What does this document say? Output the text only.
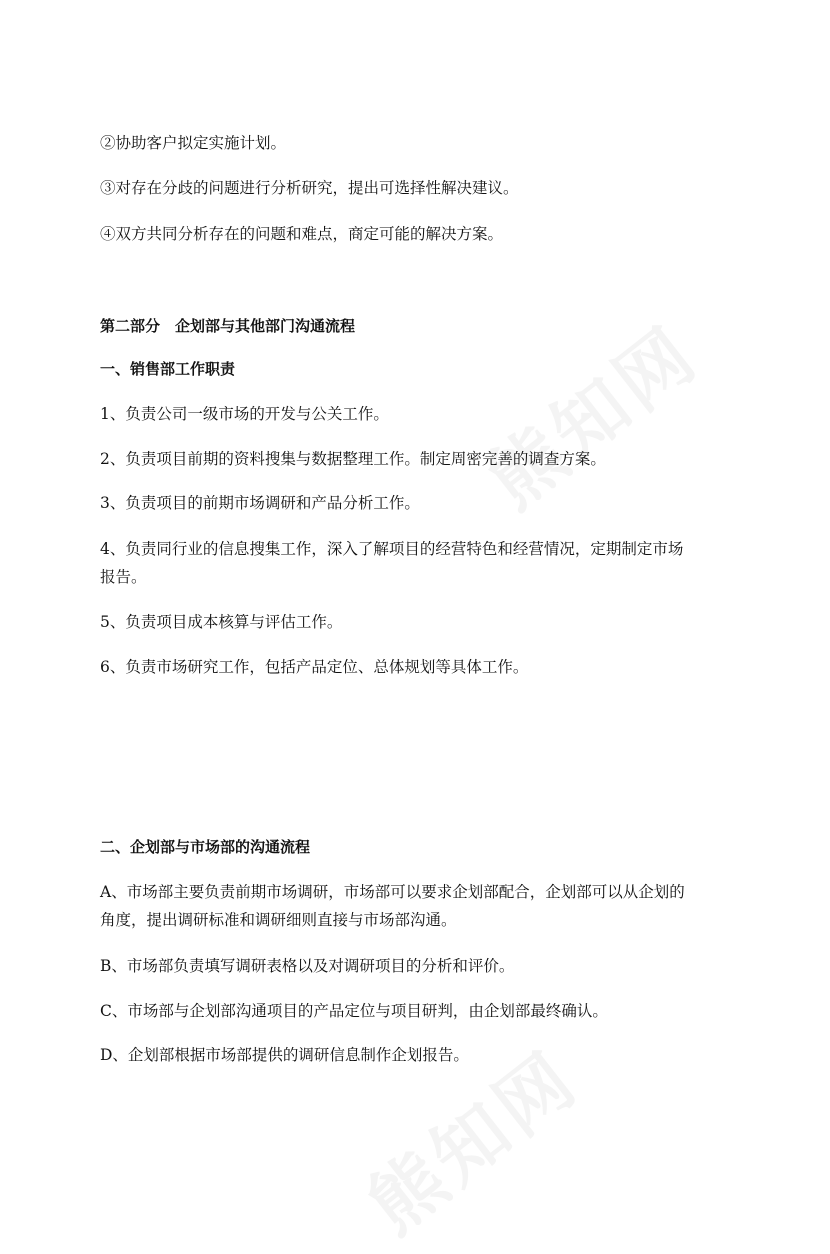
②协助客户拟定实施计划。

③对存在分歧的问题进行分析研究，提出可选择性解决建议。

④双方共同分析存在的问题和难点，商定可能的解决方案。

第二部分　企划部与其他部门沟通流程

一、销售部工作职责

1、负责公司一级市场的开发与公关工作。

2、负责项目前期的资料搜集与数据整理工作。制定周密完善的调查方案。

3、负责项目的前期市场调研和产品分析工作。

4、负责同行业的信息搜集工作，深入了解项目的经营特色和经营情况，定期制定市场

报告。

5、负责项目成本核算与评估工作。

6、负责市场研究工作，包括产品定位、总体规划等具体工作。

二、企划部与市场部的沟通流程

A、市场部主要负责前期市场调研，市场部可以要求企划部配合，企划部可以从企划的

角度，提出调研标准和调研细则直接与市场部沟通。

B、市场部负责填写调研表格以及对调研项目的分析和评价。

C、市场部与企划部沟通项目的产品定位与项目研判，由企划部最终确认。

D、企划部根据市场部提供的调研信息制作企划报告。
